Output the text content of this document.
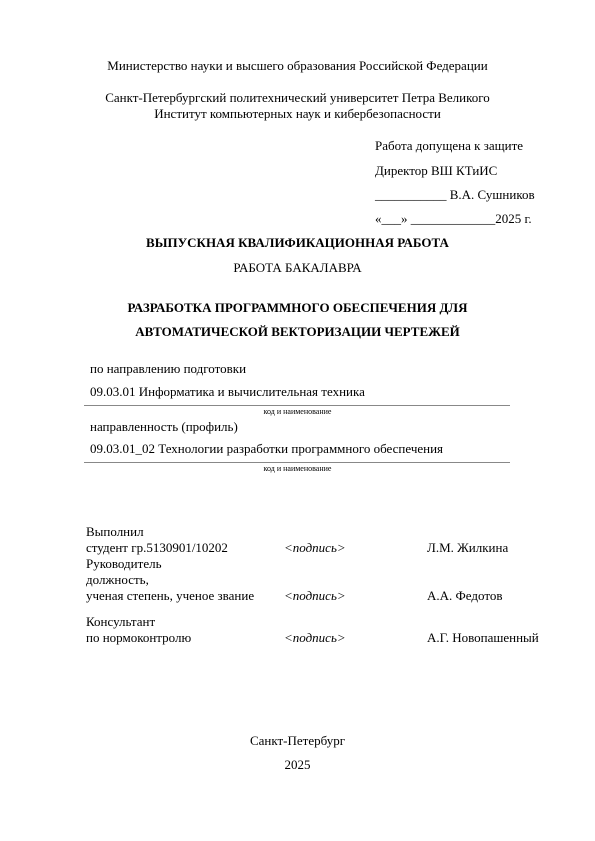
Министерство науки и высшего образования Российской Федерации
Санкт-Петербургский политехнический университет Петра Великого
Институт компьютерных наук и кибербезопасности
Работа допущена к защите
Директор ВШ КТиИС
___________ В.А. Сушников
«___» _____________2025 г.
ВЫПУСКНАЯ КВАЛИФИКАЦИОННАЯ РАБОТА
РАБОТА БАКАЛАВРА
РАЗРАБОТКА ПРОГРАММНОГО ОБЕСПЕЧЕНИЯ ДЛЯ
АВТОМАТИЧЕСКОЙ ВЕКТОРИЗАЦИИ ЧЕРТЕЖЕЙ
по направлению подготовки
09.03.01 Информатика и вычислительная техника
код и наименование
направленность (профиль)
09.03.01_02 Технологии разработки программного обеспечения
код и наименование
Выполнил
студент гр.5130901/10202	<подпись>	Л.М. Жилкина
Руководитель
должность,
ученая степень, ученое звание <подпись>	А.А. Федотов
Консультант
по нормоконтролю	<подпись>	А.Г. Новопашенный
Санкт-Петербург
2025
